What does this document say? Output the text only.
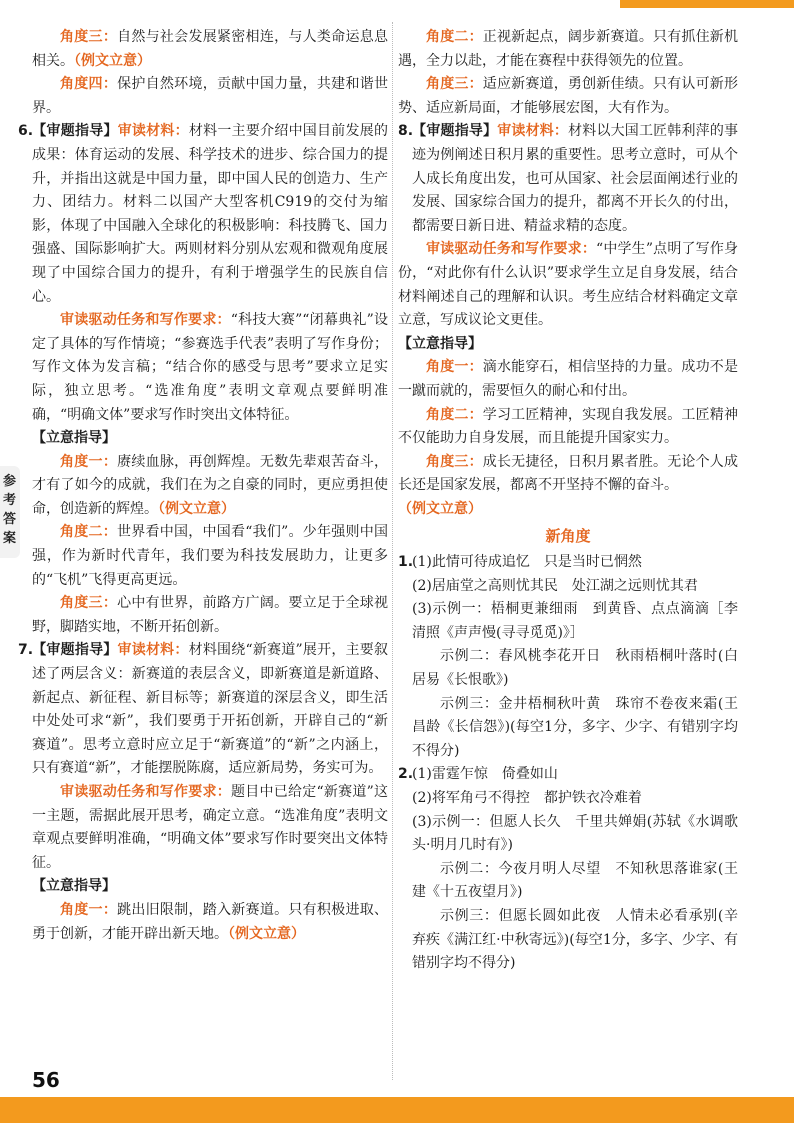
参考答案

角度三：自然与社会发展紧密相连，与人类命运息息相关。（例文立意）

角度四：保护自然环境，贡献中国力量，共建和谐世界。

6.【审题指导】审读材料：材料一主要介绍中国目前发展的成果：体育运动的发展、科学技术的进步、综合国力的提升，并指出这就是中国力量，即中国人民的创造力、生产力、团结力。材料二以国产大型客机C919的交付为缩影，体现了中国融入全球化的积极影响：科技腾飞、国力强盛、国际影响扩大。两则材料分别从宏观和微观角度展现了中国综合国力的提升，有利于增强学生的民族自信心。

审读驱动任务和写作要求：“科技大赛”“闭幕典礼”设定了具体的写作情境；“参赛选手代表”表明了写作身份；写作文体为发言稿；“结合你的感受与思考”要求立足实际，独立思考。“选准角度”表明文章观点要鲜明准确，“明确文体”要求写作时突出文体特征。

【立意指导】

角度一：赓续血脉，再创辉煌。无数先辈艰苦奋斗，才有了如今的成就，我们在为之自豪的同时，更应勇担使命，创造新的辉煌。（例文立意）

角度二：世界看中国，中国看“我们”。少年强则中国强，作为新时代青年，我们要为科技发展助力，让更多的“飞机”飞得更高更远。

角度三：心中有世界，前路方广阔。要立足于全球视野，脚踏实地，不断开拓创新。

7.【审题指导】审读材料：材料围绕“新赛道”展开，主要叙述了两层含义：新赛道的表层含义，即新赛道是新道路、新起点、新征程、新目标等；新赛道的深层含义，即生活中处处可求“新”，我们要勇于开拓创新，开辟自己的“新赛道”。思考立意时应立足于“新赛道”的“新”之内涵上，只有赛道“新”，才能摆脱陈腐，适应新局势，务实可为。

审读驱动任务和写作要求：题目中已给定“新赛道”这一主题，需据此展开思考，确定立意。“选准角度”表明文章观点要鲜明准确，“明确文体”要求写作时要突出文体特征。

【立意指导】

角度一：跳出旧限制，踏入新赛道。只有积极进取、勇于创新，才能开辟出新天地。（例文立意）

角度二：正视新起点，阔步新赛道。只有抓住新机遇，全力以赴，才能在赛程中获得领先的位置。

角度三：适应新赛道，勇创新佳绩。只有认可新形势、适应新局面，才能够展宏图，大有作为。

8.【审题指导】审读材料：材料以大国工匠韩利萍的事迹为例阐述日积月累的重要性。思考立意时，可从个人成长角度出发，也可从国家、社会层面阐述行业的发展、国家综合国力的提升，都离不开长久的付出，都需要日新日进、精益求精的态度。

审读驱动任务和写作要求：“中学生”点明了写作身份，“对此你有什么认识”要求学生立足自身发展，结合材料阐述自己的理解和认识。考生应结合材料确定文章立意，写成议论文更佳。

【立意指导】

角度一：滴水能穿石，相信坚持的力量。成功不是一蹴而就的，需要恒久的耐心和付出。

角度二：学习工匠精神，实现自我发展。工匠精神不仅能助力自身发展，而且能提升国家实力。

角度三：成长无捷径，日积月累者胜。无论个人成长还是国家发展，都离不开坚持不懈的奋斗。

（例文立意）

新角度

1.(1)此情可待成追忆　只是当时已惘然

(2)居庙堂之高则忧其民　处江湖之远则忧其君

(3)示例一：梧桐更兼细雨　到黄昏、点点滴滴［李清照《声声慢(寻寻觅觅)》］

示例二：春风桃李花开日　秋雨梧桐叶落时(白居易《长恨歌》)

示例三：金井梧桐秋叶黄　珠帘不卷夜来霜(王昌龄《长信怨》)(每空1分，多字、少字、有错别字均不得分)

2.(1)雷霆乍惊　倚叠如山

(2)将军角弓不得控　都护铁衣冷难着

(3)示例一：但愿人长久　千里共婵娟(苏轼《水调歌头·明月几时有》)

示例二：今夜月明人尽望　不知秋思落谁家(王建《十五夜望月》)

示例三：但愿长圆如此夜　人情未必看承别(辛弃疾《满江红·中秋寄远》)(每空1分，多字、少字、有错别字均不得分)

56
